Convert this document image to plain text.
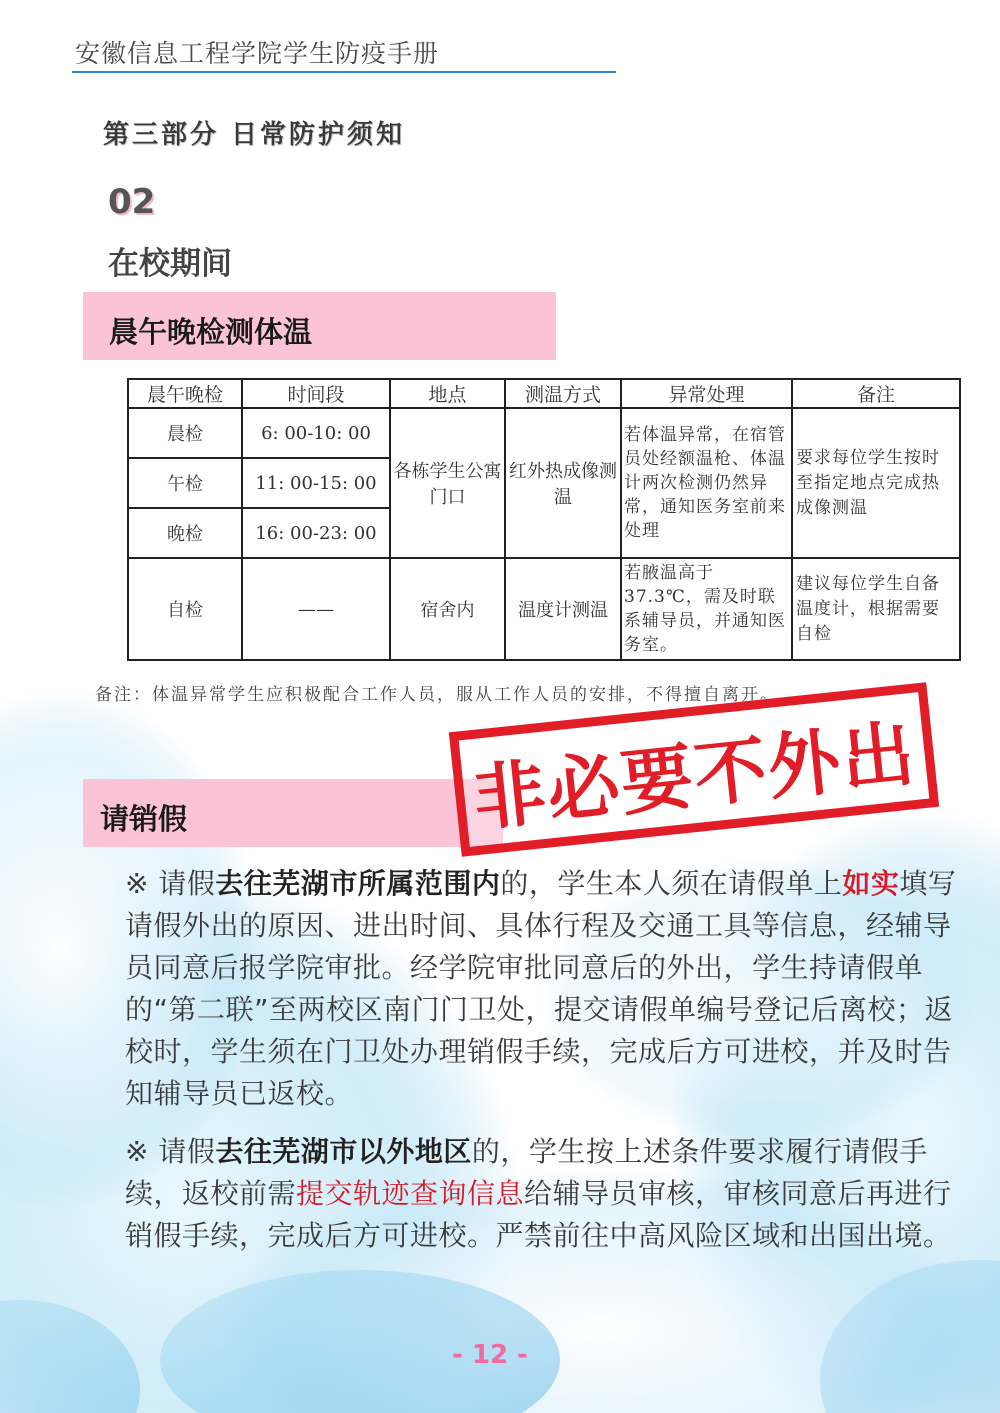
安徽信息工程学院学生防疫手册
第三部分 日常防护须知
02
在校期间
晨午晚检测体温
晨午晚检	时间段	地点	测温方式	异常处理	备注
晨检	6: 00-10: 00	各栋学生公寓门口	红外热成像测温	若体温异常，在宿管员处经额温枪、体温计两次检测仍然异常，通知医务室前来处理	要求每位学生按时至指定地点完成热成像测温
午检	11: 00-15: 00				
晚检	16: 00-23: 00				
自检	——	宿舍内	温度计测温	若腋温高于37.3℃，需及时联系辅导员，并通知医务室。	建议每位学生自备温度计，根据需要自检
备注：体温异常学生应积极配合工作人员，服从工作人员的安排，不得擅自离开。
请销假	非必要不外出
※ 请假去往芜湖市所属范围内的，学生本人须在请假单上如实填写请假外出的原因、进出时间、具体行程及交通工具等信息，经辅导员同意后报学院审批。经学院审批同意后的外出，学生持请假单的“第二联”至两校区南门门卫处，提交请假单编号登记后离校；返校时，学生须在门卫处办理销假手续，完成后方可进校，并及时告知辅导员已返校。
※ 请假去往芜湖市以外地区的，学生按上述条件要求履行请假手续，返校前需提交轨迹查询信息给辅导员审核，审核同意后再进行销假手续，完成后方可进校。严禁前往中高风险区域和出国出境。
- 12 -
